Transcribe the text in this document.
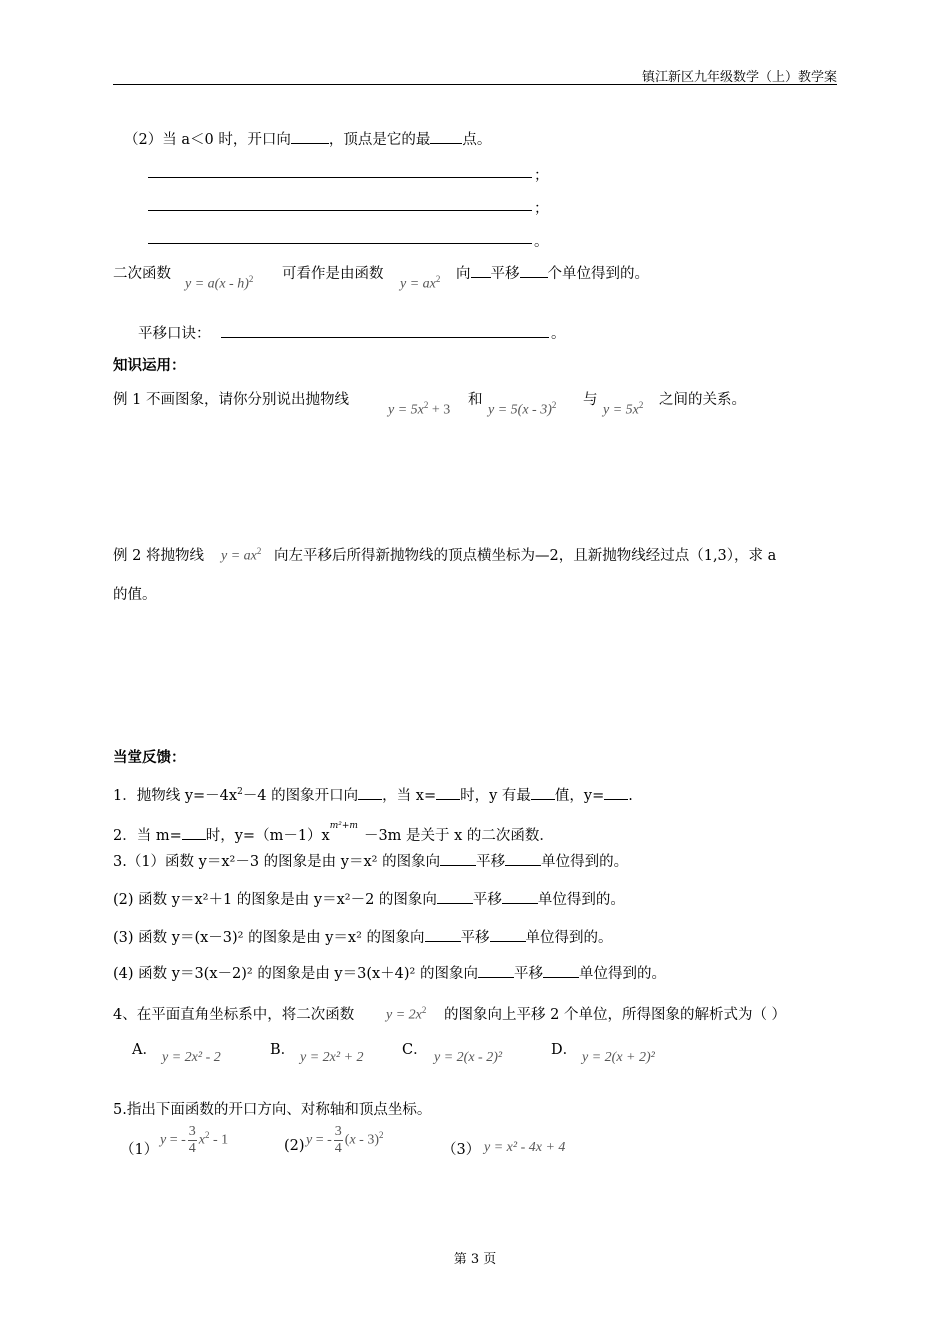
镇江新区九年级数学（上）教学案
（2）当 a＜0 时，开口向	，顶点是它的最 点。
；
；
。
二次函数
y = a(x - h)$^2$ 可看作是由函数
$y = ax^2$ 向 平移 个单位得到的。
平移口诀：	。
知识运用：
例 1 不画图象，请你分别说出抛物线
$y = 5x^2 + 3$
和
y = 5(x - 3)$^2$ 与
$y = 5x^2$ 之间的关系。
例 2 将抛物线 $y = ax^2$ 向左平移后所得新抛物线的顶点横坐标为—2，且新抛物线经过点（1,3），求 a
的值。
当堂反馈：
1．抛物线 $y=-4x^2-4$ 的图象开口向 ，当 x= 时，y 有最 值，y= .
2．当 m= 时，$y=(m-1)x^{m^2+m}-3m$ 是关于 x 的二次函数．
3.（1）函数 y＝x²－3 的图象是由 y＝x² 的图象向 平移 单位得到的。
(2) 函数 y＝x²＋1 的图象是由 y＝x²－2 的图象向 平移 单位得到的。
(3) 函数 y＝(x－3)² 的图象是由 y＝x² 的图象向 平移 单位得到的。
(4) 函数 y＝3(x－2)² 的图象是由 y＝3(x＋4)² 的图象向 平移 单位得到的。
4、在平面直角坐标系中，将二次函数 $y = 2x^2$ 的图象向上平移 2 个单位，所得图象的解析式为（ ）
A． y = 2x² - 2	B． y = 2x² + 2	C． y = 2(x - 2)²	D． y = 2(x + 2)²
5.指出下面函数的开口方向、对称轴和顶点坐标。
（1）
y = - $\frac{3}{4} x^2 - 1$	(2) y = - $\frac{3}{4} (x - 3)^2$
（3） y = x² - 4x + 4
第 3 页
